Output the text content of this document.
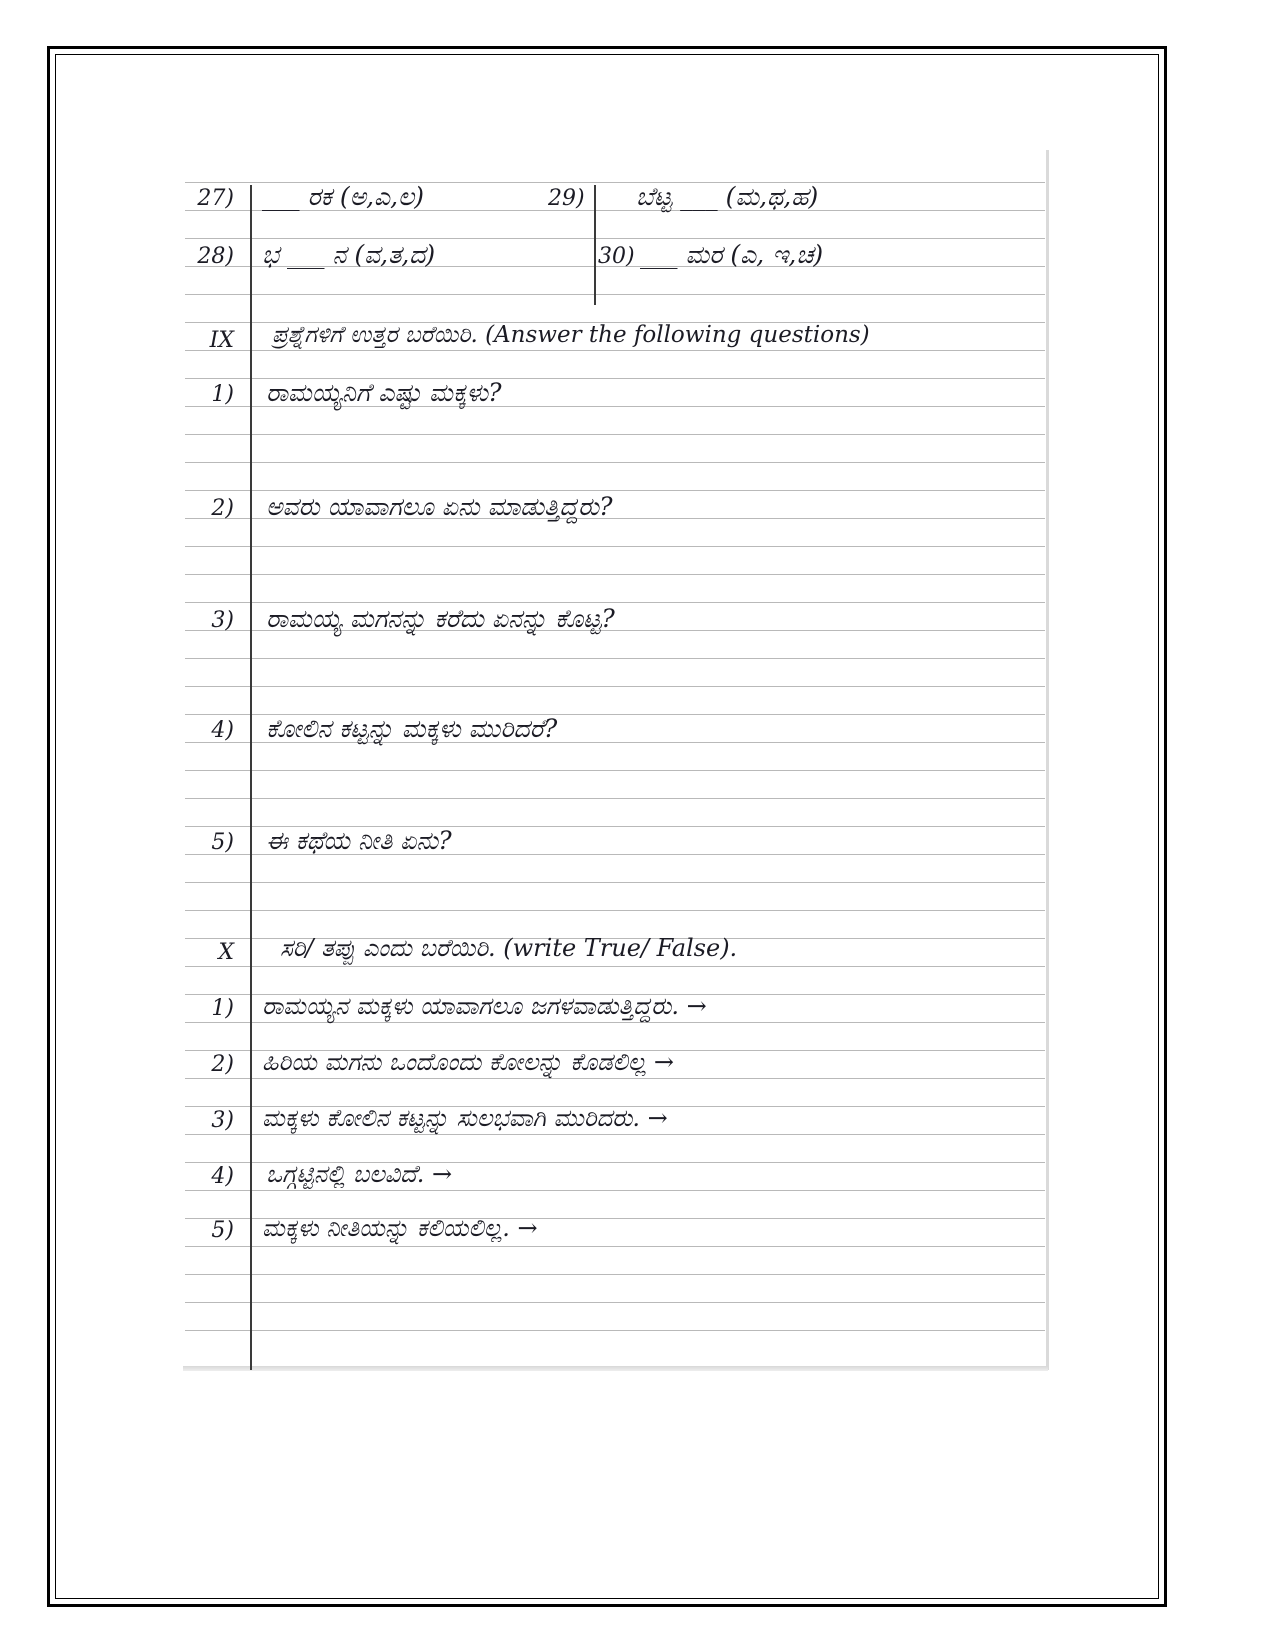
27) ___ ರಕ (ಅ,ಎ,ಲ)	29)	ಬೆಟ್ಟ ___ (ಮ,ಥ,ಹ)
28) ಭ ___ ನ (ವ,ತ,ದ)	30) ___ ಮರ (ಎ, ಇ,ಚ)
IX ಪ್ರಶ್ನೆಗಳಿಗೆ ಉತ್ತರ ಬರೆಯಿರಿ. (Answer the following questions)
1) ರಾಮಯ್ಯನಿಗೆ ಎಷ್ಟು ಮಕ್ಕಳು?
2) ಅವರು ಯಾವಾಗಲೂ ಏನು ಮಾಡುತ್ತಿದ್ದರು?
3) ರಾಮಯ್ಯ ಮಗನನ್ನು ಕರೆದು ಏನನ್ನು ಕೊಟ್ಟ?
4) ಕೋಲಿನ ಕಟ್ಟನ್ನು ಮಕ್ಕಳು ಮುರಿದರೆ?
5) ಈ ಕಥೆಯ ನೀತಿ ಏನು?
X ಸರಿ/ ತಪ್ಪು ಎಂದು ಬರೆಯಿರಿ. (write True/ False).
1) ರಾಮಯ್ಯನ ಮಕ್ಕಳು ಯಾವಾಗಲೂ ಜಗಳವಾಡುತ್ತಿದ್ದರು. →
2) ಹಿರಿಯ ಮಗನು ಒಂದೊಂದು ಕೋಲನ್ನು ಕೊಡಲಿಲ್ಲ →
3) ಮಕ್ಕಳು ಕೋಲಿನ ಕಟ್ಟನ್ನು ಸುಲಭವಾಗಿ ಮುರಿದರು. →
4) ಒಗ್ಗಟ್ಟಿನಲ್ಲಿ ಬಲವಿದೆ. →
5) ಮಕ್ಕಳು ನೀತಿಯನ್ನು ಕಲಿಯಲಿಲ್ಲ. →
